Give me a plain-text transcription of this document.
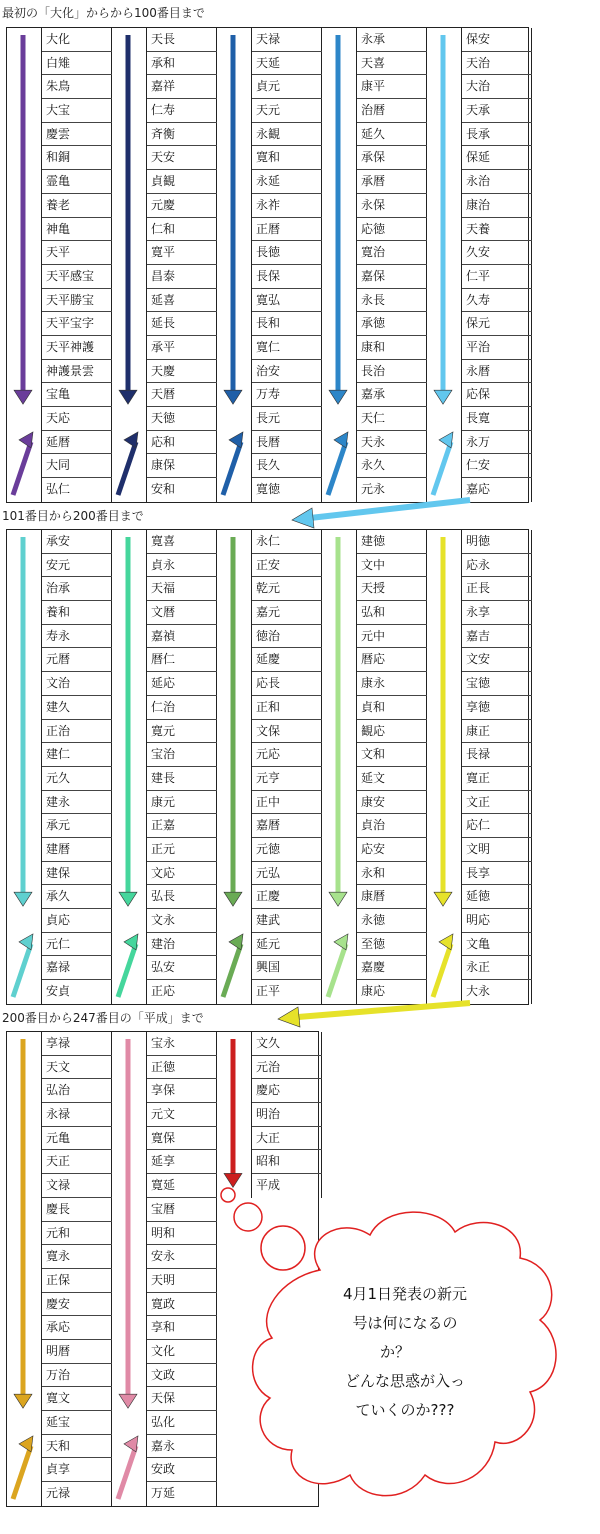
最初の「大化」からから100番目まで
101番目から200番目まで
200番目から247番目の「平成」まで
大化
白雉
朱鳥
大宝
慶雲
和銅
霊亀
養老
神亀
天平
天平感宝
天平勝宝
天平宝字
天平神護
神護景雲
宝亀
天応
延暦
大同
弘仁
天長
承和
嘉祥
仁寿
斉衡
天安
貞観
元慶
仁和
寛平
昌泰
延喜
延長
承平
天慶
天暦
天徳
応和
康保
安和
天禄
天延
貞元
天元
永観
寛和
永延
永祚
正暦
長徳
長保
寛弘
長和
寛仁
治安
万寿
長元
長暦
長久
寛徳
永承
天喜
康平
治暦
延久
承保
承暦
永保
応徳
寛治
嘉保
永長
承徳
康和
長治
嘉承
天仁
天永
永久
元永
保安
天治
大治
天承
長承
保延
永治
康治
天養
久安
仁平
久寿
保元
平治
永暦
応保
長寛
永万
仁安
嘉応
承安
安元
治承
養和
寿永
元暦
文治
建久
正治
建仁
元久
建永
承元
建暦
建保
承久
貞応
元仁
嘉禄
安貞
寛喜
貞永
天福
文暦
嘉禎
暦仁
延応
仁治
寛元
宝治
建長
康元
正嘉
正元
文応
弘長
文永
建治
弘安
正応
永仁
正安
乾元
嘉元
徳治
延慶
応長
正和
文保
元応
元亨
正中
嘉暦
元徳
元弘
正慶
建武
延元
興国
正平
建徳
文中
天授
弘和
元中
暦応
康永
貞和
観応
文和
延文
康安
貞治
応安
永和
康暦
永徳
至徳
嘉慶
康応
明徳
応永
正長
永享
嘉吉
文安
宝徳
享徳
康正
長禄
寛正
文正
応仁
文明
長享
延徳
明応
文亀
永正
大永
享禄
天文
弘治
永禄
元亀
天正
文禄
慶長
元和
寛永
正保
慶安
承応
明暦
万治
寛文
延宝
天和
貞享
元禄
宝永
正徳
享保
元文
寛保
延享
寛延
宝暦
明和
安永
天明
寛政
享和
文化
文政
天保
弘化
嘉永
安政
万延
文久
元治
慶応
明治
大正
昭和
平成
4月1日発表の新元
号は何になるの
か？
どんな思惑が入っ
ていくのか???
